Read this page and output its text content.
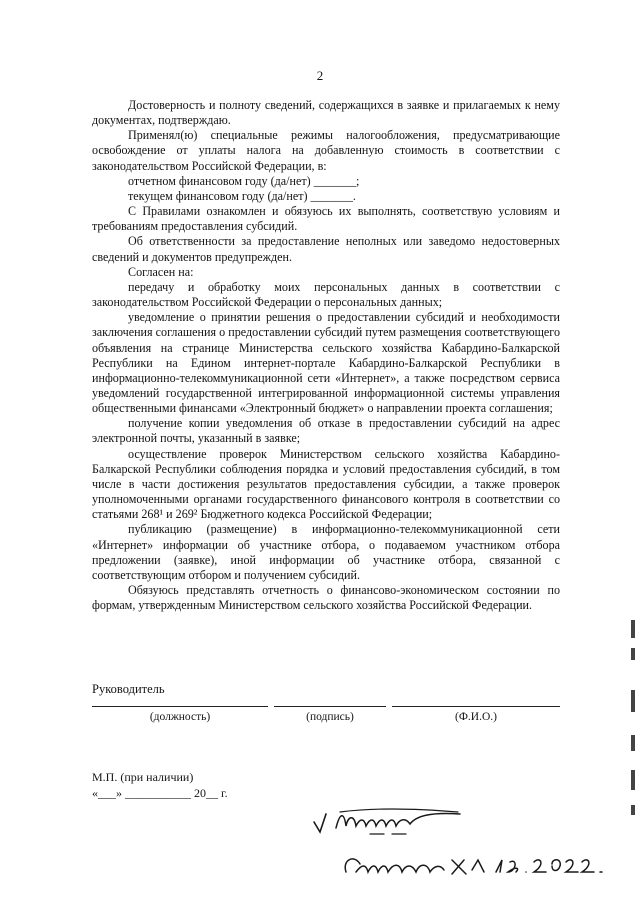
2

Достоверность и полноту сведений, содержащихся в заявке и прилагаемых к нему документах, подтверждаю.

Применял(ю) специальные режимы налогообложения, предусматривающие освобождение от уплаты налога на добавленную стоимость в соответствии с законодательством Российской Федерации, в:

отчетном финансовом году (да/нет) _______;

текущем финансовом году (да/нет) _______.

С Правилами ознакомлен и обязуюсь их выполнять, соответствую условиям и требованиям предоставления субсидий.

Об ответственности за предоставление неполных или заведомо недостоверных сведений и документов предупрежден.

Согласен на:

передачу и обработку моих персональных данных в соответствии с законодательством Российской Федерации о персональных данных;

уведомление о принятии решения о предоставлении субсидий и необходимости заключения соглашения о предоставлении субсидий путем размещения соответствующего объявления на странице Министерства сельского хозяйства Кабардино-Балкарской Республики на Едином интернет-портале Кабардино-Балкарской Республики в информационно-телекоммуникационной сети «Интернет», а также посредством сервиса уведомлений государственной интегрированной информационной системы управления общественными финансами «Электронный бюджет» о направлении проекта соглашения;

получение копии уведомления об отказе в предоставлении субсидий на адрес электронной почты, указанный в заявке;

осуществление проверок Министерством сельского хозяйства Кабардино-Балкарской Республики соблюдения порядка и условий предоставления субсидий, в том числе в части достижения результатов предоставления субсидии, а также проверок уполномоченными органами государственного финансового контроля в соответствии со статьями 268¹ и 269² Бюджетного кодекса Российской Федерации;

публикацию (размещение) в информационно-телекоммуникационной сети «Интернет» информации об участнике отбора, о подаваемом участником отбора предложении (заявке), иной информации об участнике отбора, связанной с соответствующим отбором и получением субсидий.

Обязуюсь представлять отчетность о финансово-экономическом состоянии по формам, утвержденным Министерством сельского хозяйства Российской Федерации.

Руководитель
(должность)	(подпись)	(Ф.И.О.)
М.П. (при наличии)
«___» ___________ 20__ г.
